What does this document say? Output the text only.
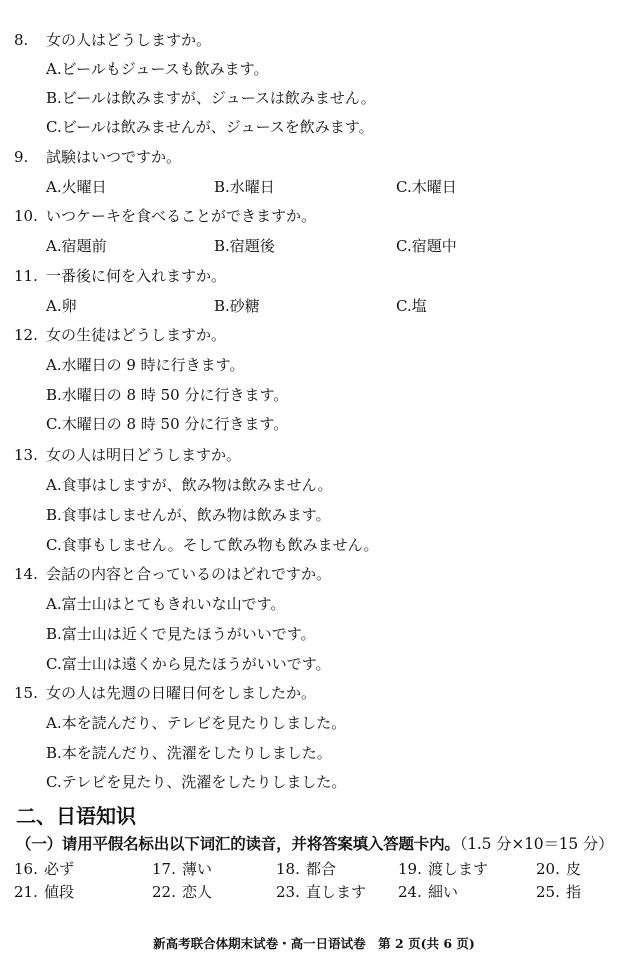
8. 女の人はどうしますか。
A.ビールもジュースも飲みます。
B.ビールは飲みますが、ジュースは飲みません。
C.ビールは飲みませんが、ジュースを飲みます。
9. 試験はいつですか。
A.火曜日	B.水曜日	C.木曜日
10. いつケーキを食べることができますか。
A.宿題前	B.宿題後	C.宿題中
11. 一番後に何を入れますか。
A.卵	B.砂糖	C.塩
12. 女の生徒はどうしますか。
A.水曜日の 9 時に行きます。
B.水曜日の 8 時 50 分に行きます。
C.木曜日の 8 時 50 分に行きます。
13. 女の人は明日どうしますか。
A.食事はしますが、飲み物は飲みません。
B.食事はしませんが、飲み物は飲みます。
C.食事もしません。そして飲み物も飲みません。
14. 会話の内容と合っているのはどれですか。
A.富士山はとてもきれいな山です。
B.富士山は近くで見たほうがいいです。
C.富士山は遠くから見たほうがいいです。
15. 女の人は先週の日曜日何をしましたか。
A.本を読んだり、テレビを見たりしました。
B.本を読んだり、洗濯をしたりしました。
C.テレビを見たり、洗濯をしたりしました。
二、日语知识
（一）请用平假名标出以下词汇的读音，并将答案填入答题卡内。（1.5 分×10＝15 分）
16. 必ず	17. 薄い	18. 都合	19. 渡します	20. 皮
21. 値段	22. 恋人	23. 直します 24. 細い	25. 指
新高考联合体期末试卷・高一日语试卷　第 2 页(共 6 页)
